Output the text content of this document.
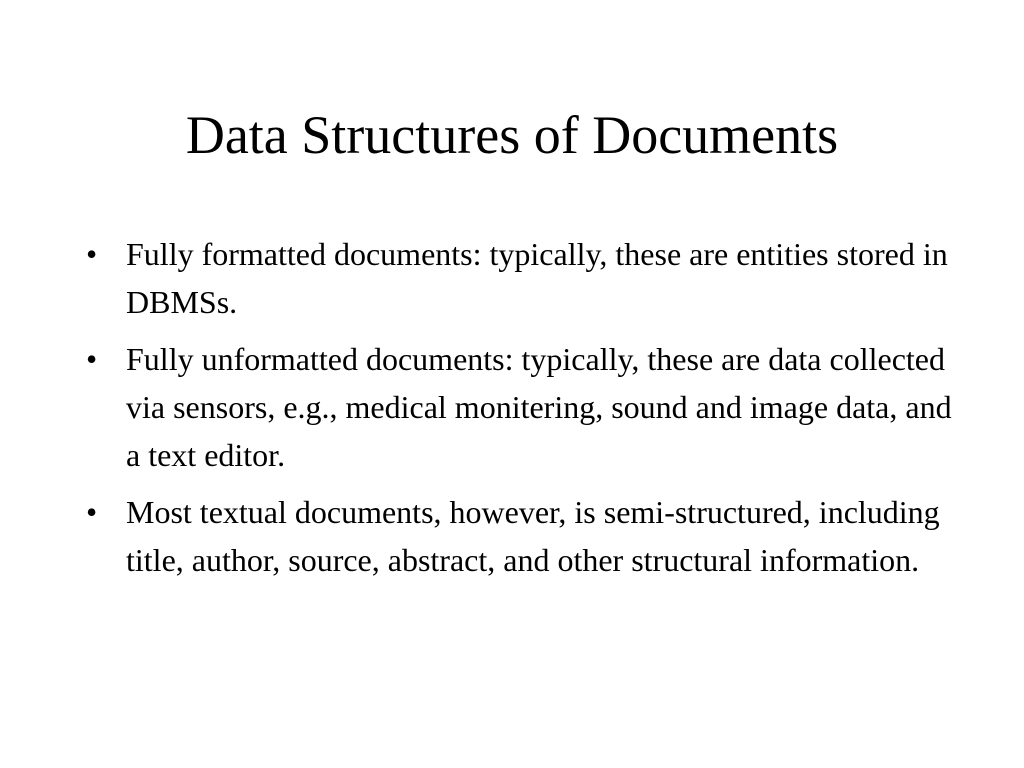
Data Structures of Documents
• Fully formatted documents: typically, these are entities stored in DBMSs.
• Fully unformatted documents: typically, these are data collected via sensors, e.g., medical monitering, sound and image data, and a text editor.
• Most textual documents, however, is semi-structured, including title, author, source, abstract, and other structural information.
